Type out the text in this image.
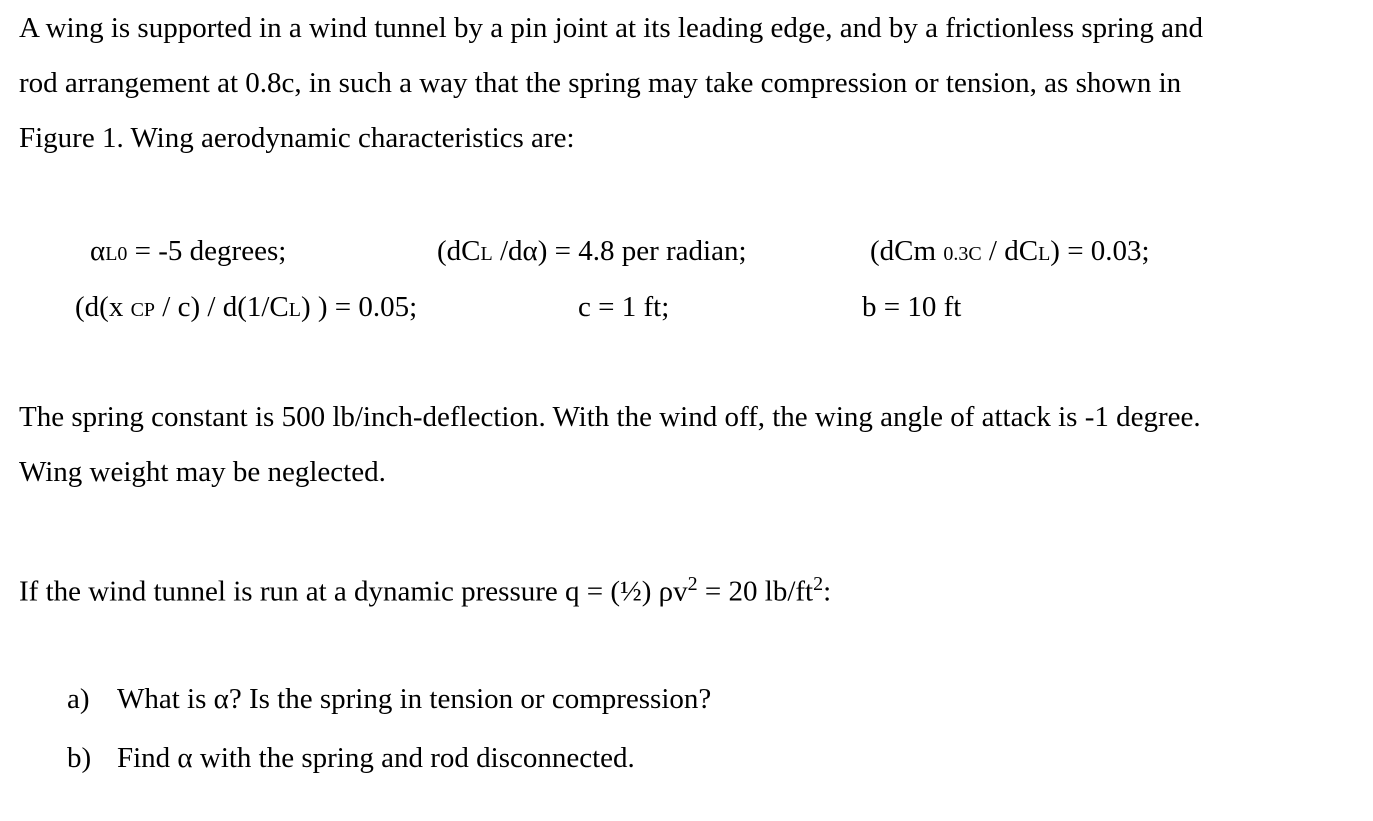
A wing is supported in a wind tunnel by a pin joint at its leading edge, and by a frictionless spring and
rod arrangement at 0.8c, in such a way that the spring may take compression or tension, as shown in
Figure 1. Wing aerodynamic characteristics are:
αL0 = -5 degrees;	(dCL /dα) = 4.8 per radian;	(dCm 0.3C / dCL) = 0.03;
(d(x CP / c) / d(1/CL) ) = 0.05;	c = 1 ft;	b = 10 ft
The spring constant is 500 lb/inch-deflection. With the wind off, the wing angle of attack is -1 degree.
Wing weight may be neglected.
If the wind tunnel is run at a dynamic pressure q = (½) $\rho v^2 = 20$ $lb/ft^2$:
a) What is α? Is the spring in tension or compression?
b) Find α with the spring and rod disconnected.
